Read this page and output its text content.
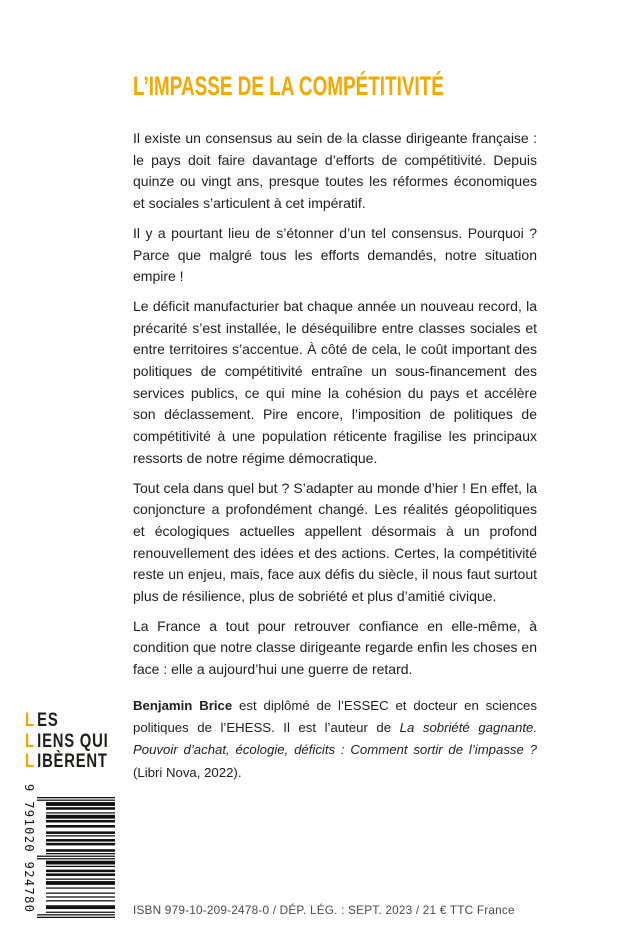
L’IMPASSE DE LA COMPÉTITIVITÉ

Il existe un consensus au sein de la classe dirigeante française : le pays doit faire davantage d’efforts de compétitivité. Depuis quinze ou vingt ans, presque toutes les réformes économiques et sociales s’articulent à cet impératif.

Il y a pourtant lieu de s’étonner d’un tel consensus. Pourquoi ? Parce que malgré tous les efforts demandés, notre situation empire !

Le déficit manufacturier bat chaque année un nouveau record, la précarité s’est installée, le déséquilibre entre classes sociales et entre territoires s’accentue. À côté de cela, le coût important des politiques de compétitivité entraîne un sous-financement des services publics, ce qui mine la cohésion du pays et accélère son déclassement. Pire encore, l’imposition de politiques de compétitivité à une population réticente fragilise les principaux ressorts de notre régime démocratique.

Tout cela dans quel but ? S’adapter au monde d’hier ! En effet, la conjoncture a profondément changé. Les réalités géopolitiques et écologiques actuelles appellent désormais à un profond renouvellement des idées et des actions. Certes, la compétitivité reste un enjeu, mais, face aux défis du siècle, il nous faut surtout plus de résilience, plus de sobriété et plus d’amitié civique.

La France a tout pour retrouver confiance en elle-même, à condition que notre classe dirigeante regarde enfin les choses en face : elle a aujourd’hui une guerre de retard.

Benjamin Brice est diplômé de l’ESSEC et docteur en sciences politiques de l’EHESS. Il est l’auteur de La sobriété gagnante. Pouvoir d’achat, écologie, déficits : Comment sortir de l’impasse ? (Libri Nova, 2022).
L ES
L IENS QUI
L IBÈRENT
9 791020 924780	ISBN 979-10-209-2478-0 / DÉP. LÉG. : SEPT. 2023 / 21 € TTC France
